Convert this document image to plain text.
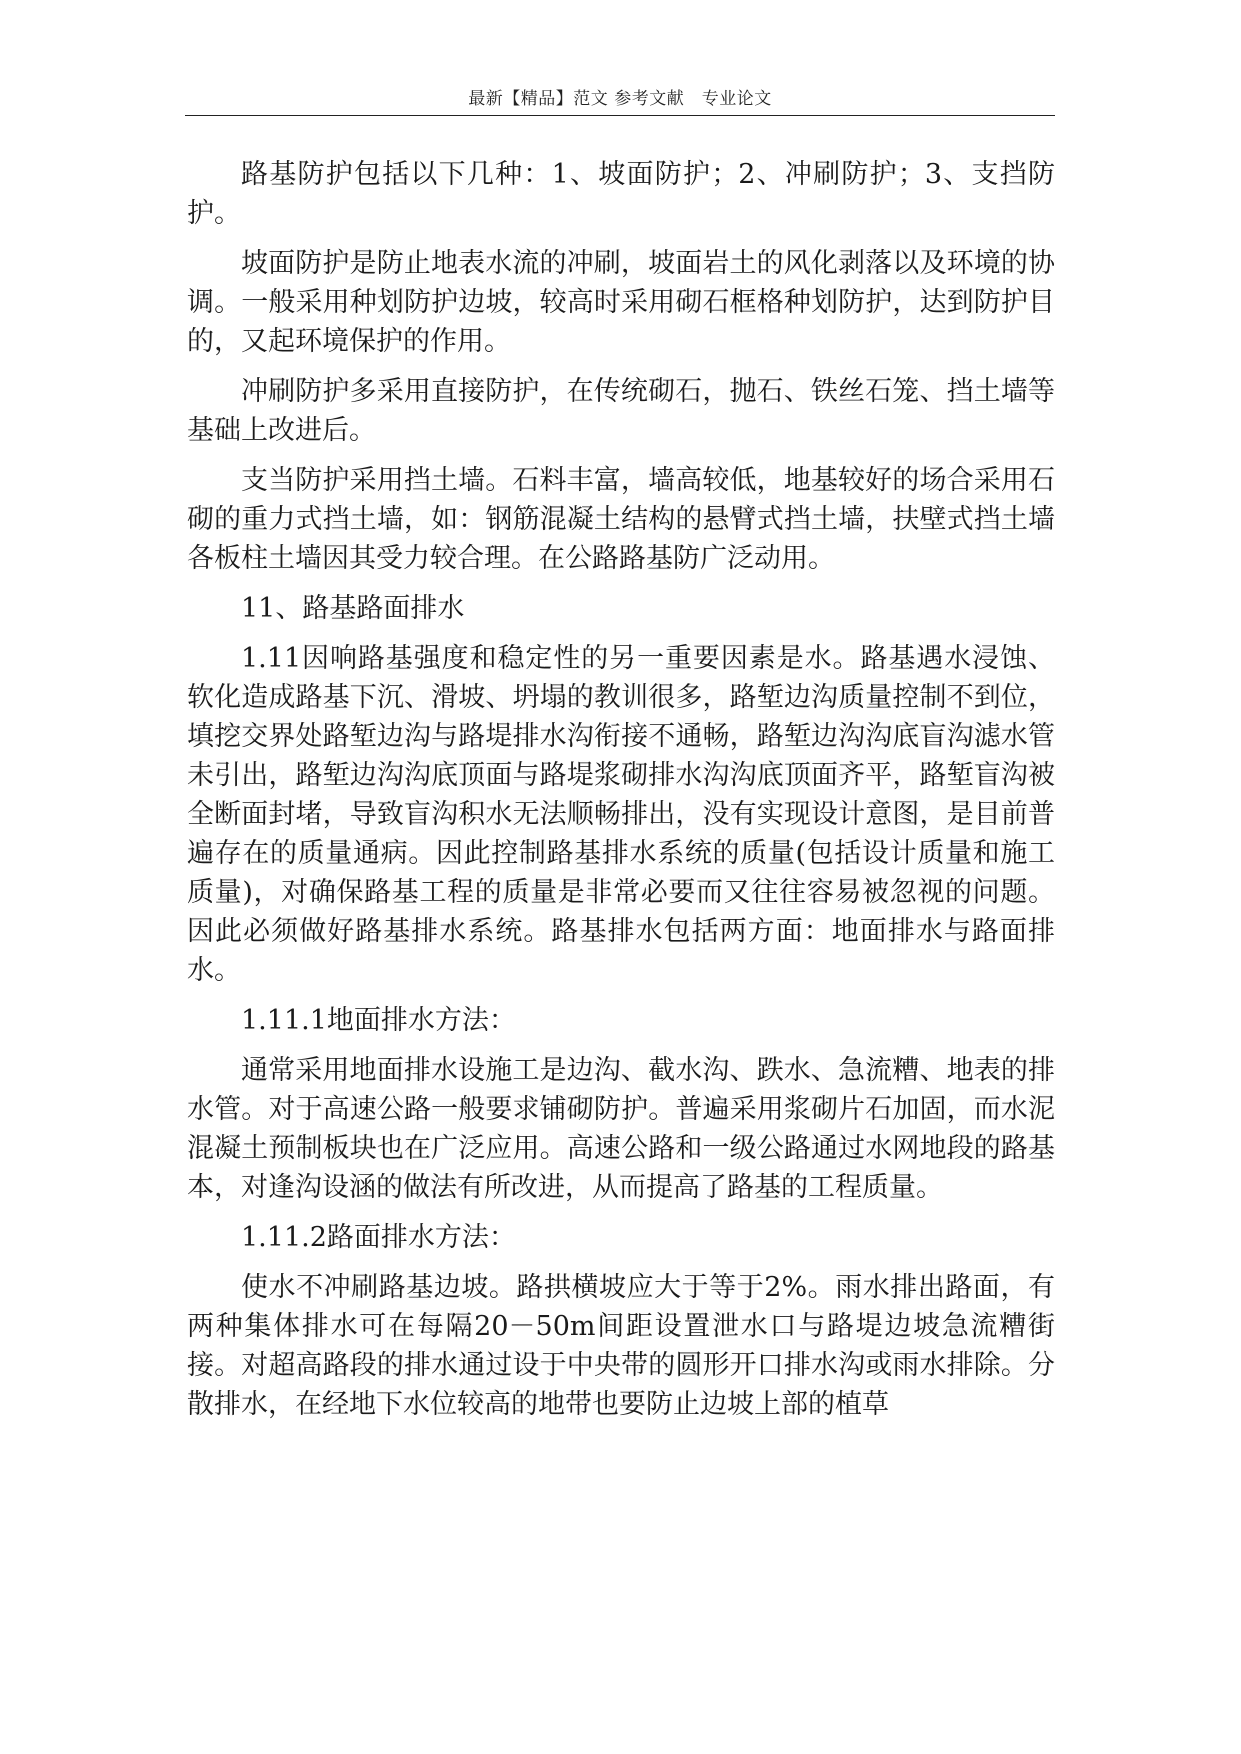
最新【精品】范文 参考文献　专业论文

路基防护包括以下几种：1、坡面防护；2、冲刷防护；3、支挡防护。

坡面防护是防止地表水流的冲刷，坡面岩土的风化剥落以及环境的协调。一般采用种划防护边坡，较高时采用砌石框格种划防护，达到防护目的，又起环境保护的作用。

冲刷防护多采用直接防护，在传统砌石，抛石、铁丝石笼、挡土墙等基础上改进后。

支当防护采用挡土墙。石料丰富，墙高较低，地基较好的场合采用石砌的重力式挡土墙，如：钢筋混凝土结构的悬臂式挡土墙，扶壁式挡土墙各板柱土墙因其受力较合理。在公路路基防广泛动用。

11、路基路面排水

1.11因响路基强度和稳定性的另一重要因素是水。路基遇水浸蚀、软化造成路基下沉、滑坡、坍塌的教训很多，路堑边沟质量控制不到位，填挖交界处路堑边沟与路堤排水沟衔接不通畅，路堑边沟沟底盲沟滤水管未引出，路堑边沟沟底顶面与路堤浆砌排水沟沟底顶面齐平，路堑盲沟被全断面封堵，导致盲沟积水无法顺畅排出，没有实现设计意图，是目前普遍存在的质量通病。因此控制路基排水系统的质量(包括设计质量和施工质量)，对确保路基工程的质量是非常必要而又往往容易被忽视的问题。因此必须做好路基排水系统。路基排水包括两方面：地面排水与路面排水。

1.11.1地面排水方法：

通常采用地面排水设施工是边沟、截水沟、跌水、急流糟、地表的排水管。对于高速公路一般要求铺砌防护。普遍采用浆砌片石加固，而水泥混凝土预制板块也在广泛应用。高速公路和一级公路通过水网地段的路基本，对逢沟设涵的做法有所改进，从而提高了路基的工程质量。

1.11.2路面排水方法：

使水不冲刷路基边坡。路拱横坡应大于等于2%。雨水排出路面，有两种集体排水可在每隔20－50m间距设置泄水口与路堤边坡急流糟街接。对超高路段的排水通过设于中央带的圆形开口排水沟或雨水排除。分散排水，在经地下水位较高的地带也要防止边坡上部的植草
